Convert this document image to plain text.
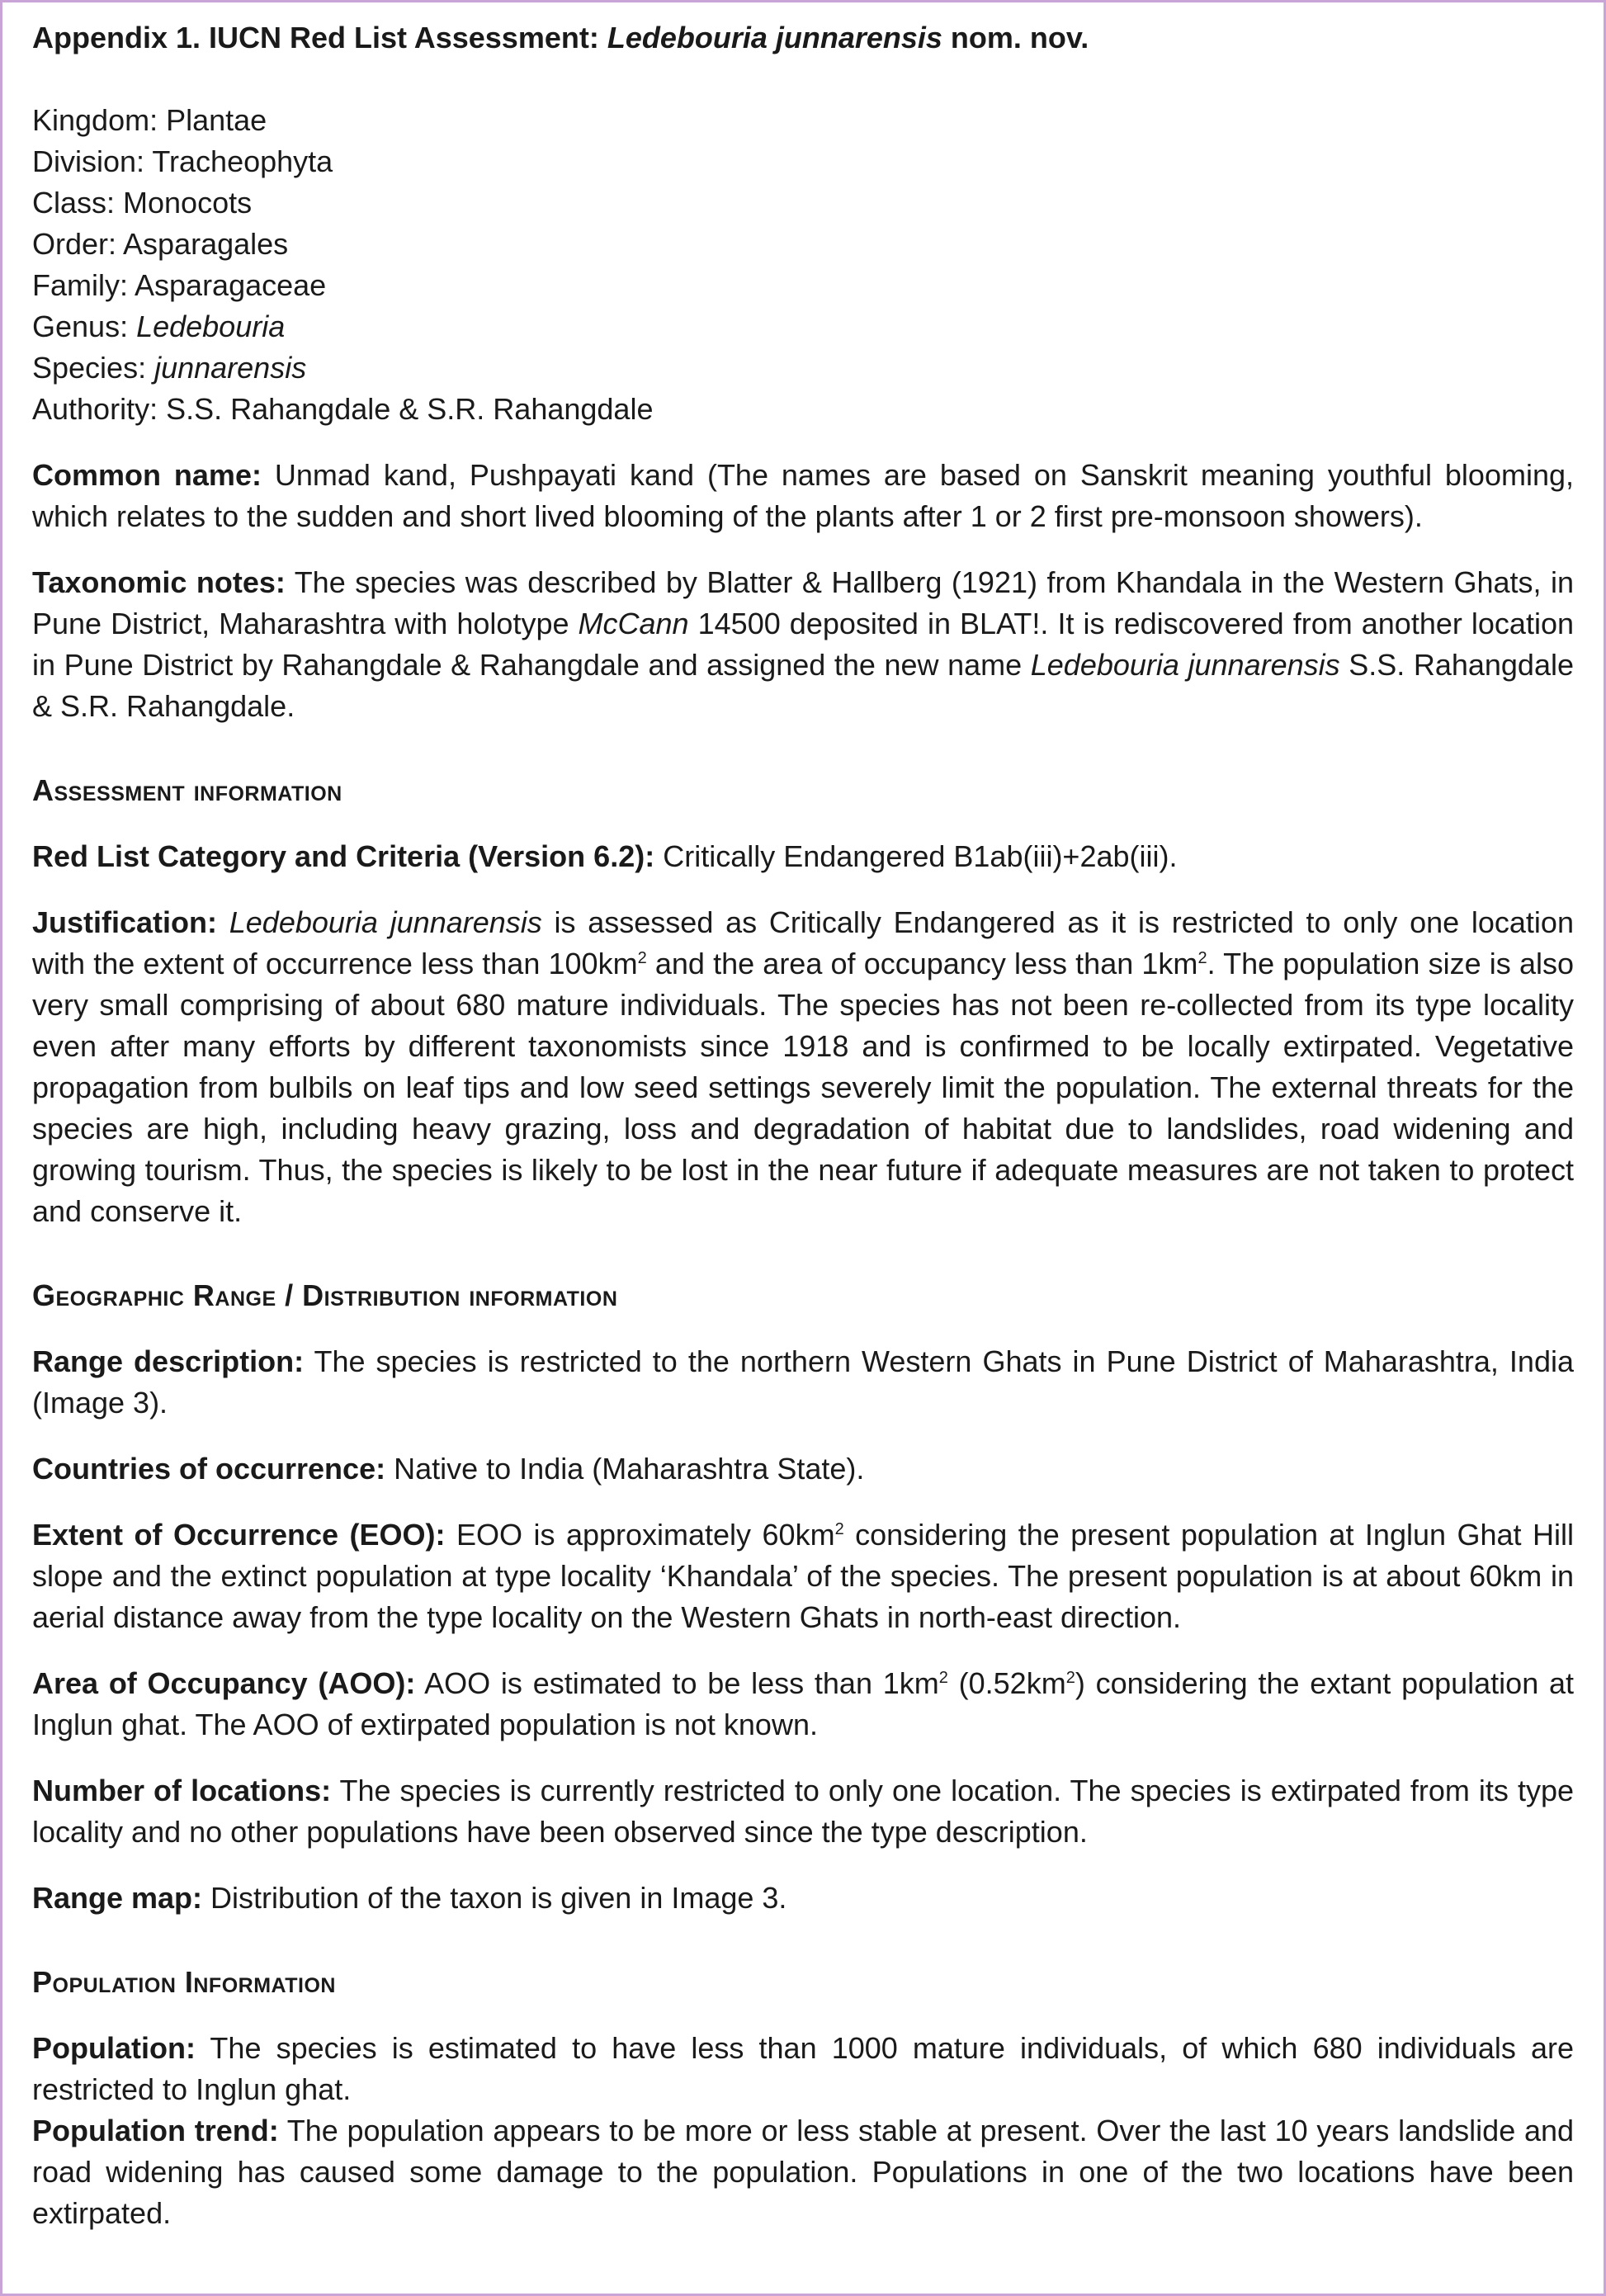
Appendix 1. IUCN Red List Assessment: Ledebouria junnarensis nom. nov.

Kingdom: Plantae
Division: Tracheophyta
Class: Monocots
Order: Asparagales
Family: Asparagaceae
Genus: Ledebouria
Species: junnarensis
Authority: S.S. Rahangdale & S.R. Rahangdale

Common name: Unmad kand, Pushpayati kand (The names are based on Sanskrit meaning youthful blooming, which relates to the sudden and short lived blooming of the plants after 1 or 2 first pre-monsoon showers).

Taxonomic notes: The species was described by Blatter & Hallberg (1921) from Khandala in the Western Ghats, in Pune District, Maharashtra with holotype McCann 14500 deposited in BLAT!. It is rediscovered from another location in Pune District by Rahangdale & Rahangdale and assigned the new name Ledebouria junnarensis S.S. Rahangdale & S.R. Rahangdale.

Assessment information

Red List Category and Criteria (Version 6.2): Critically Endangered B1ab(iii)+2ab(iii).

Justification: Ledebouria junnarensis is assessed as Critically Endangered as it is restricted to only one location with the extent of occurrence less than $100km^2$ and the area of occupancy less than $1km^2$. The population size is also very small comprising of about 680 mature individuals. The species has not been re-collected from its type locality even after many efforts by different taxonomists since 1918 and is confirmed to be locally extirpated. Vegetative propagation from bulbils on leaf tips and low seed settings severely limit the population. The external threats for the species are high, including heavy grazing, loss and degradation of habitat due to landslides, road widening and growing tourism. Thus, the species is likely to be lost in the near future if adequate measures are not taken to protect and conserve it.

Geographic Range / Distribution information

Range description: The species is restricted to the northern Western Ghats in Pune District of Maharashtra, India (Image 3).

Countries of occurrence: Native to India (Maharashtra State).

Extent of Occurrence (EOO): EOO is approximately $60km^2$ considering the present population at Inglun Ghat Hill slope and the extinct population at type locality ‘Khandala’ of the species. The present population is at about 60km in aerial distance away from the type locality on the Western Ghats in north-east direction.

Area of Occupancy (AOO): AOO is estimated to be less than $1km^2$ $(0.52km^2)$ considering the extant population at Inglun ghat. The AOO of extirpated population is not known.

Number of locations: The species is currently restricted to only one location. The species is extirpated from its type locality and no other populations have been observed since the type description.

Range map: Distribution of the taxon is given in Image 3.

Population Information

Population: The species is estimated to have less than 1000 mature individuals, of which 680 individuals are restricted to Inglun ghat.

Population trend: The population appears to be more or less stable at present. Over the last 10 years landslide and road widening has caused some damage to the population. Populations in one of the two locations have been extirpated.
